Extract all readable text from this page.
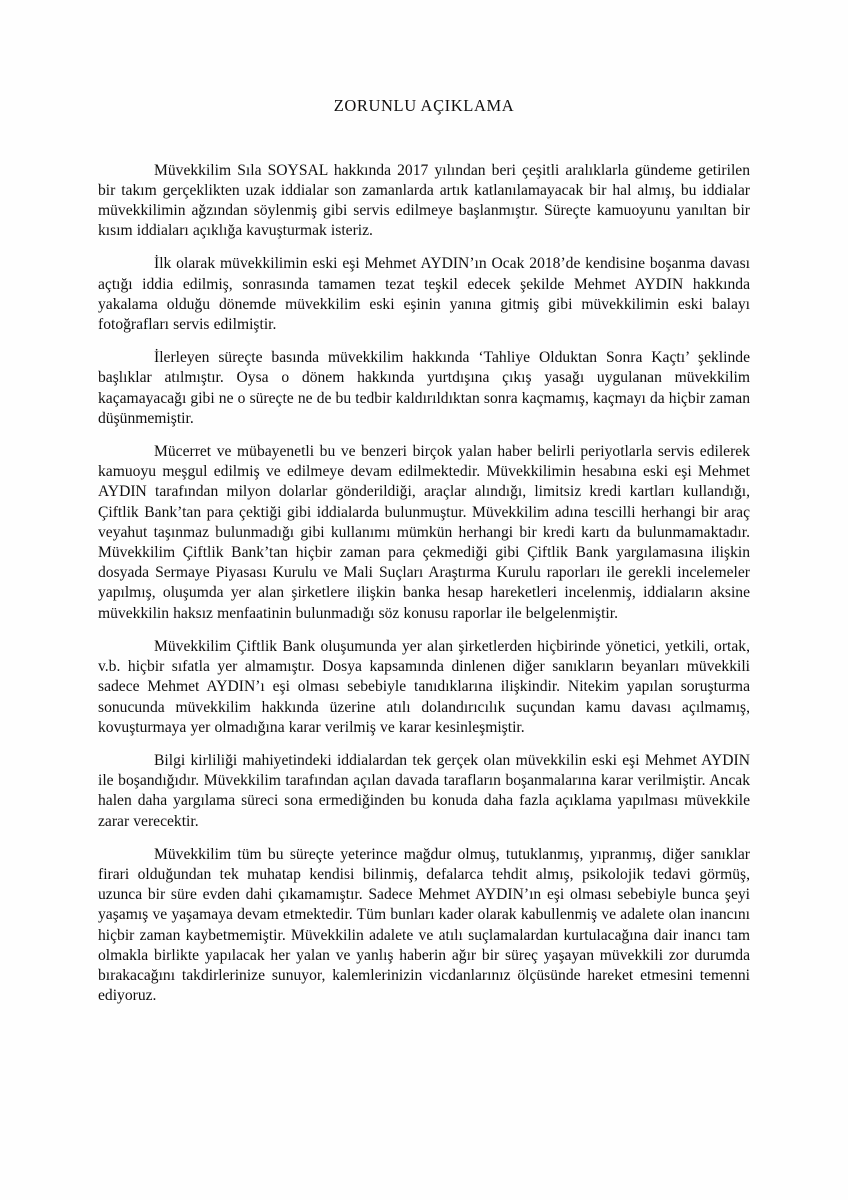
ZORUNLU AÇIKLAMA

Müvekkilim Sıla SOYSAL hakkında 2017 yılından beri çeşitli aralıklarla gündeme getirilen bir takım gerçeklikten uzak iddialar son zamanlarda artık katlanılamayacak bir hal almış, bu iddialar müvekkilimin ağzından söylenmiş gibi servis edilmeye başlanmıştır. Süreçte kamuoyunu yanıltan bir kısım iddiaları açıklığa kavuşturmak isteriz.

İlk olarak müvekkilimin eski eşi Mehmet AYDIN’ın Ocak 2018’de kendisine boşanma davası açtığı iddia edilmiş, sonrasında tamamen tezat teşkil edecek şekilde Mehmet AYDIN hakkında yakalama olduğu dönemde müvekkilim eski eşinin yanına gitmiş gibi müvekkilimin eski balayı fotoğrafları servis edilmiştir.

İlerleyen süreçte basında müvekkilim hakkında ‘Tahliye Olduktan Sonra Kaçtı’ şeklinde başlıklar atılmıştır. Oysa o dönem hakkında yurtdışına çıkış yasağı uygulanan müvekkilim kaçamayacağı gibi ne o süreçte ne de bu tedbir kaldırıldıktan sonra kaçmamış, kaçmayı da hiçbir zaman düşünmemiştir.

Mücerret ve mübayenetli bu ve benzeri birçok yalan haber belirli periyotlarla servis edilerek kamuoyu meşgul edilmiş ve edilmeye devam edilmektedir. Müvekkilimin hesabına eski eşi Mehmet AYDIN tarafından milyon dolarlar gönderildiği, araçlar alındığı, limitsiz kredi kartları kullandığı, Çiftlik Bank’tan para çektiği gibi iddialarda bulunmuştur. Müvekkilim adına tescilli herhangi bir araç veyahut taşınmaz bulunmadığı gibi kullanımı mümkün herhangi bir kredi kartı da bulunmamaktadır. Müvekkilim Çiftlik Bank’tan hiçbir zaman para çekmediği gibi Çiftlik Bank yargılamasına ilişkin dosyada Sermaye Piyasası Kurulu ve Mali Suçları Araştırma Kurulu raporları ile gerekli incelemeler yapılmış, oluşumda yer alan şirketlere ilişkin banka hesap hareketleri incelenmiş, iddiaların aksine müvekkilin haksız menfaatinin bulunmadığı söz konusu raporlar ile belgelenmiştir.

Müvekkilim Çiftlik Bank oluşumunda yer alan şirketlerden hiçbirinde yönetici, yetkili, ortak, v.b. hiçbir sıfatla yer almamıştır. Dosya kapsamında dinlenen diğer sanıkların beyanları müvekkili sadece Mehmet AYDIN’ı eşi olması sebebiyle tanıdıklarına ilişkindir. Nitekim yapılan soruşturma sonucunda müvekkilim hakkında üzerine atılı dolandırıcılık suçundan kamu davası açılmamış, kovuşturmaya yer olmadığına karar verilmiş ve karar kesinleşmiştir.

Bilgi kirliliği mahiyetindeki iddialardan tek gerçek olan müvekkilin eski eşi Mehmet AYDIN ile boşandığıdır. Müvekkilim tarafından açılan davada tarafların boşanmalarına karar verilmiştir. Ancak halen daha yargılama süreci sona ermediğinden bu konuda daha fazla açıklama yapılması müvekkile zarar verecektir.

Müvekkilim tüm bu süreçte yeterince mağdur olmuş, tutuklanmış, yıpranmış, diğer sanıklar firari olduğundan tek muhatap kendisi bilinmiş, defalarca tehdit almış, psikolojik tedavi görmüş, uzunca bir süre evden dahi çıkamamıştır. Sadece Mehmet AYDIN’ın eşi olması sebebiyle bunca şeyi yaşamış ve yaşamaya devam etmektedir. Tüm bunları kader olarak kabullenmiş ve adalete olan inancını hiçbir zaman kaybetmemiştir. Müvekkilin adalete ve atılı suçlamalardan kurtulacağına dair inancı tam olmakla birlikte yapılacak her yalan ve yanlış haberin ağır bir süreç yaşayan müvekkili zor durumda bırakacağını takdirlerinize sunuyor, kalemlerinizin vicdanlarınız ölçüsünde hareket etmesini temenni ediyoruz.
